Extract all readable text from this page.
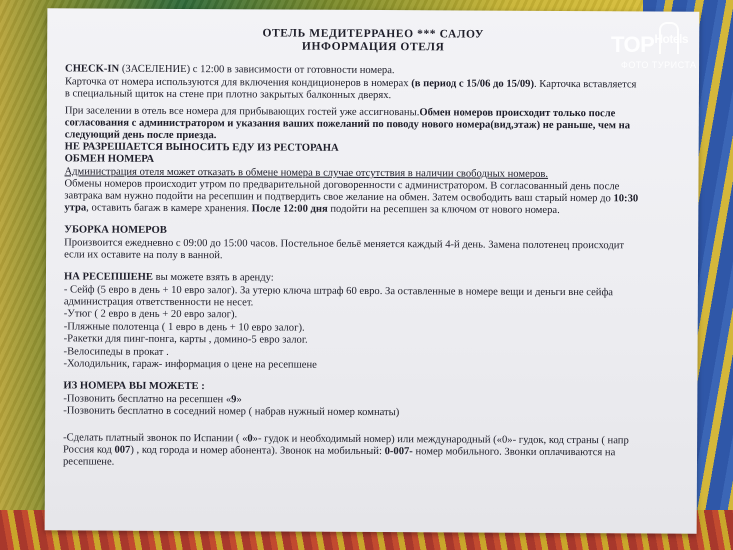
ОТЕЛЬ МЕДИТЕРРАНЕО *** САЛОУ
ИНФОРМАЦИЯ ОТЕЛЯ
CHECK-IN (ЗАСЕЛЕНИЕ) с 12:00 в зависимости от готовности номера.
Карточка от номера используются для включения кондиционеров в номерах (в период с 15/06 до 15/09). Карточка вставляется
в специальный щиток на стене при плотно закрытых балконных дверях.
При заселении в отель все номера для прибывающих гостей уже ассигнованы.Обмен номеров происходит только после
согласования с администратором и указания ваших пожеланий по поводу нового номера(вид,этаж) не раньше, чем на
следующий день после приезда.
НЕ РАЗРЕШАЕТСЯ ВЫНОСИТЬ ЕДУ ИЗ РЕСТОРАНА
ОБМЕН НОМЕРА
Администрация отеля может отказать в обмене номера в случае отсутствия в наличии свободных номеров.
Обмены номеров происходит утром по предварительной договоренности с администратором. В согласованный день после
завтрака вам нужно подойти на ресепшин и подтвердить свое желание на обмен. Затем освободить ваш старый номер до 10:30
утра, оставить багаж в камере хранения. После 12:00 дня подойти на ресепшен за ключом от нового номера.
УБОРКА НОМЕРОВ
Произвоится ежедневно с 09:00 до 15:00 часов. Постельное бельё меняется каждый 4-й день. Замена полотенец происходит
если их оставите на полу в ванной.
НА РЕСЕПШЕНЕ вы можете взять в аренду:
- Сейф (5 евро в день + 10 евро залог). За утерю ключа штраф 60 евро. За оставленные в номере вещи и деньги вне сейфа
администрация ответственности не несет.
-Утюг ( 2 евро в день + 20 евро залог).
-Пляжные полотенца ( 1 евро в день + 10 евро залог).
-Ракетки для пинг-понга, карты , домино-5 евро залог.
-Велосипеды в прокат .
-Холодильник, гараж- информация о цене на ресепшене
ИЗ НОМЕРА ВЫ МОЖЕТЕ :
-Позвонить бесплатно на ресепшен «9»
-Позвонить бесплатно в соседний номер ( набрав нужный номер комнаты)
-Сделать платный звонок по Испании ( «0»- гудок и необходимый номер) или международный («0»- гудок, код страны ( напр
Россия код 007) , код города и номер абонента). Звонок на мобильный: 0-007- номер мобильного. Звонки оплачиваются на
ресепшене.
$TOP^{Hotels}$
ФОТО ТУРИСТА
